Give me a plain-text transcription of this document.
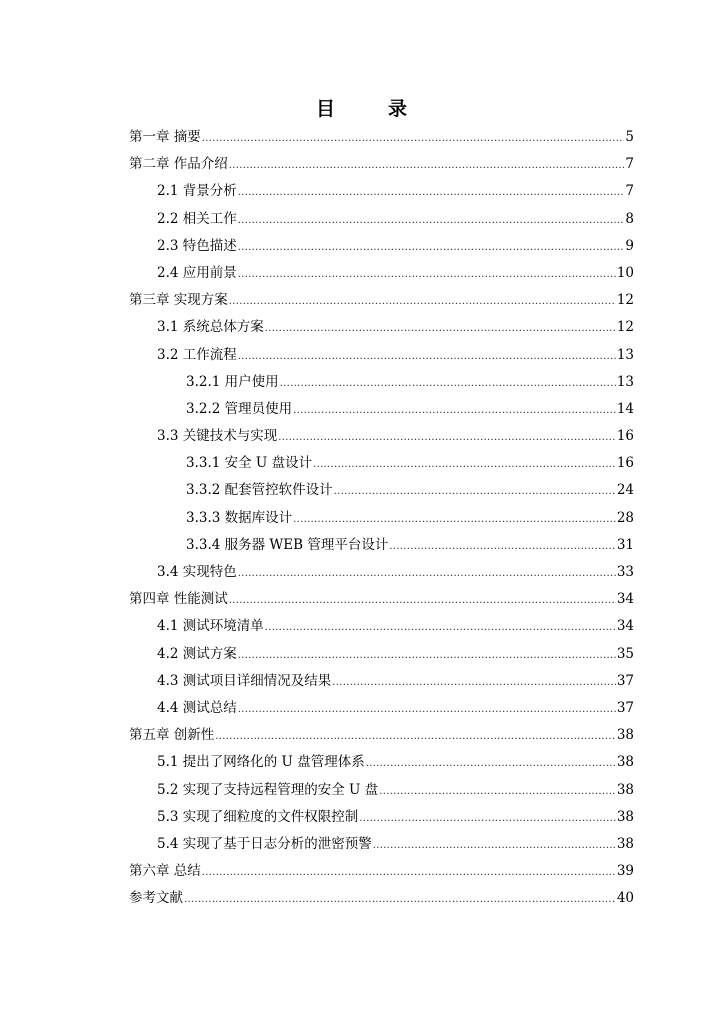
目	录
第一章 摘要 .....	5
第二章 作品介绍 .....	7
2.1 背景分析 .....	7
2.2 相关工作 .....	8
2.3 特色描述 .....	9
2.4 应用前景 .....	10
第三章 实现方案 .....	12
3.1 系统总体方案 .....	12
3.2 工作流程 .....	13
3.2.1 用户使用 .....	13
3.2.2 管理员使用 .....	14
3.3 关键技术与实现 .....	16
3.3.1 安全 U 盘设计 .....	16
3.3.2 配套管控软件设计 .....	24
3.3.3 数据库设计 .....	28
3.3.4 服务器 WEB 管理平台设计 .....	31
3.4 实现特色 .....	33
第四章 性能测试 .....	34
4.1 测试环境清单 .....	34
4.2 测试方案 .....	35
4.3 测试项目详细情况及结果 .....	37
4.4 测试总结 .....	37
第五章 创新性 .....	38
5.1 提出了网络化的 U 盘管理体系 .....	38
5.2 实现了支持远程管理的安全 U 盘 .....	38
5.3 实现了细粒度的文件权限控制 .....	38
5.4 实现了基于日志分析的泄密预警 .....	38
第六章 总结 .....	39
参考文献 .....	40
